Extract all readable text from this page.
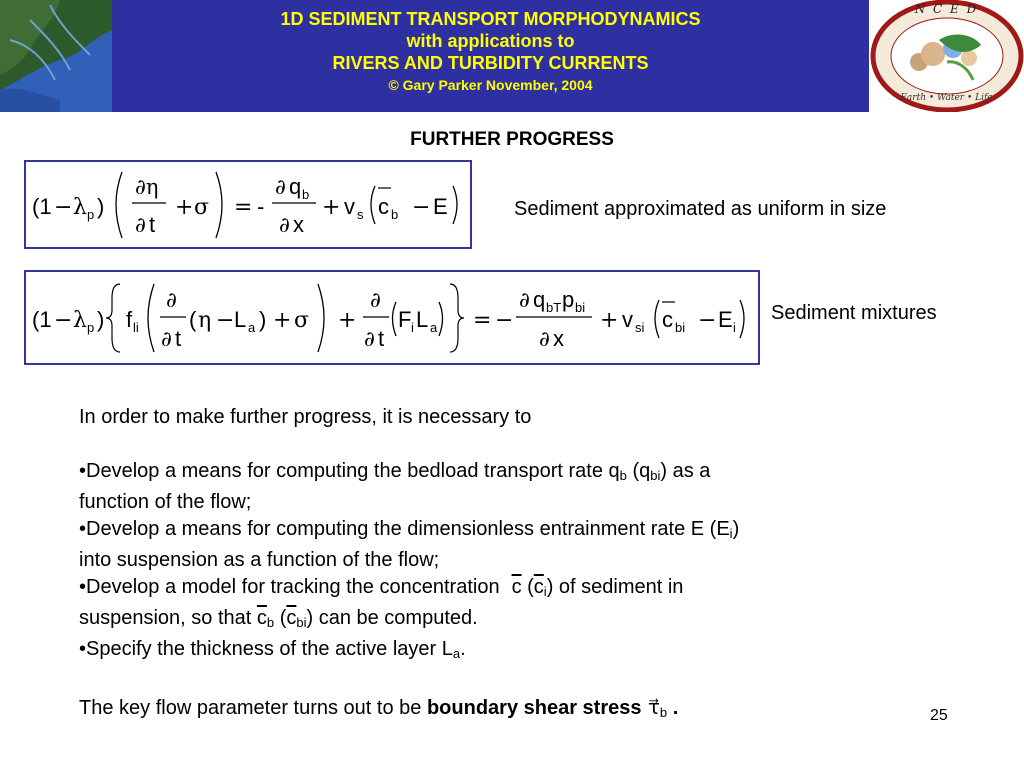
1D SEDIMENT TRANSPORT MORPHODYNAMICS
with applications to
RIVERS AND TURBIDITY CURRENTS
© Gary Parker November, 2004
N C E D
Earth • Water • Life
FURTHER PROGRESS
(1 − λ p )
∂η
∂ t
+ σ = -
∂ q b
∂ x
+ v s c b − E	Sediment approximated as uniform in size
(1 − λ p ) f li
∂
∂ t
( η − L a ) + σ +
∂
∂ t
F i L a = −
∂ q bT p bi
∂ x
+ v si c bi − E i
Sediment mixtures

In order to make further progress, it is necessary to

•Develop a means for computing the bedload transport rate $q_b$ $(q_{bi})$ as a

function of the flow;

•Develop a means for computing the dimensionless entrainment rate E $(E_i)$

into suspension as a function of the flow;

•Develop a model for tracking the concentration $\overline{c}$ $(\overline{c}_i)$ of sediment in

suspension, so that $\overline{c}_b$ $(\overline{c}_{bi})$ can be computed.

•Specify the thickness of the active layer $L_a$.

The key flow parameter turns out to be boundary shear stress $\tau⃗_b$ .	25
